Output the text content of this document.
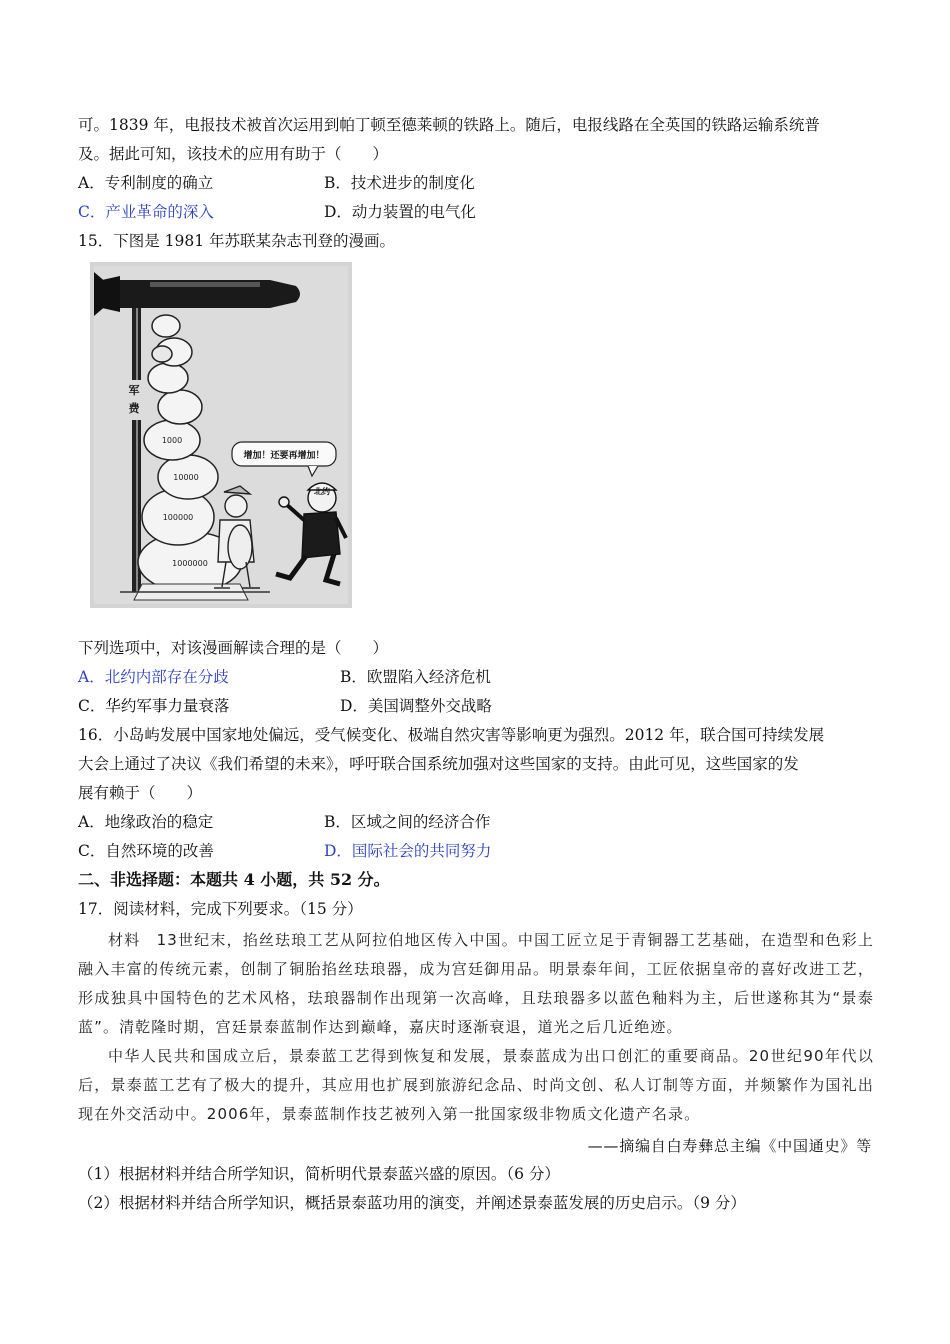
可。1839 年，电报技术被首次运用到帕丁顿至德莱顿的铁路上。随后，电报线路在全英国的铁路运输系统普
及。据此可知，该技术的应用有助于（　　）
A．专利制度的确立	B．技术进步的制度化
C．产业革命的深入	D．动力装置的电气化
15．下图是 1981 年苏联某杂志刊登的漫画。
军
费
1000000
100000
10000
1000
增加！还要再增加！
北约
下列选项中，对该漫画解读合理的是（　　）
A．北约内部存在分歧	B．欧盟陷入经济危机
C．华约军事力量衰落	D．美国调整外交战略
16．小岛屿发展中国家地处偏远，受气候变化、极端自然灾害等影响更为强烈。2012 年，联合国可持续发展
大会上通过了决议《我们希望的未来》，呼吁联合国系统加强对这些国家的支持。由此可见，这些国家的发
展有赖于（　　）
A．地缘政治的稳定	B．区域之间的经济合作
C．自然环境的改善	D．国际社会的共同努力
二、非选择题：本题共 4 小题，共 52 分。
17．阅读材料，完成下列要求。（15 分）

材料　13世纪末，掐丝珐琅工艺从阿拉伯地区传入中国。中国工匠立足于青铜器工艺基础，在造型和色彩上融入丰富的传统元素，创制了铜胎掐丝珐琅器，成为宫廷御用品。明景泰年间，工匠依据皇帝的喜好改进工艺，形成独具中国特色的艺术风格，珐琅器制作出现第一次高峰，且珐琅器多以蓝色釉料为主，后世遂称其为“景泰蓝”。清乾隆时期，宫廷景泰蓝制作达到巅峰，嘉庆时逐渐衰退，道光之后几近绝迹。

中华人民共和国成立后，景泰蓝工艺得到恢复和发展，景泰蓝成为出口创汇的重要商品。20世纪90年代以后，景泰蓝工艺有了极大的提升，其应用也扩展到旅游纪念品、时尚文创、私人订制等方面，并频繁作为国礼出现在外交活动中。2006年，景泰蓝制作技艺被列入第一批国家级非物质文化遗产名录。

——摘编自白寿彝总主编《中国通史》等
（1）根据材料并结合所学知识，简析明代景泰蓝兴盛的原因。（6 分）
（2）根据材料并结合所学知识，概括景泰蓝功用的演变，并阐述景泰蓝发展的历史启示。（9 分）
